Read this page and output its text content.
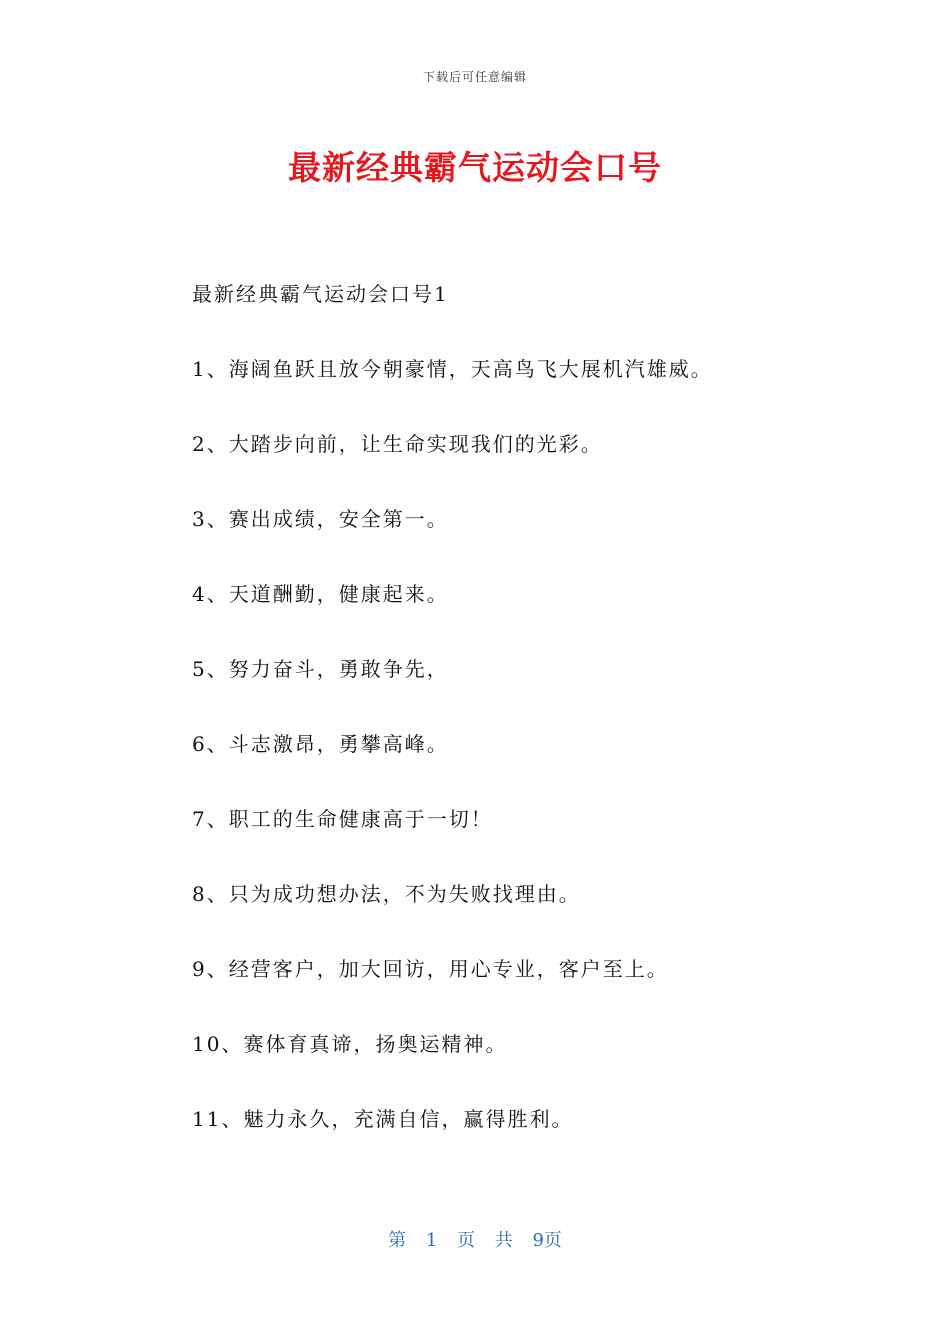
下载后可任意编辑
最新经典霸气运动会口号
最新经典霸气运动会口号1
1、海阔鱼跃且放今朝豪情，天高鸟飞大展机汽雄威。
2、大踏步向前，让生命实现我们的光彩。
3、赛出成绩，安全第一。
4、天道酬勤，健康起来。
5、努力奋斗，勇敢争先，
6、斗志激昂，勇攀高峰。
7、职工的生命健康高于一切！
8、只为成功想办法，不为失败找理由。
9、经营客户，加大回访，用心专业，客户至上。
10、赛体育真谛，扬奥运精神。
11、魅力永久，充满自信，赢得胜利。
第 1 页 共 9页
